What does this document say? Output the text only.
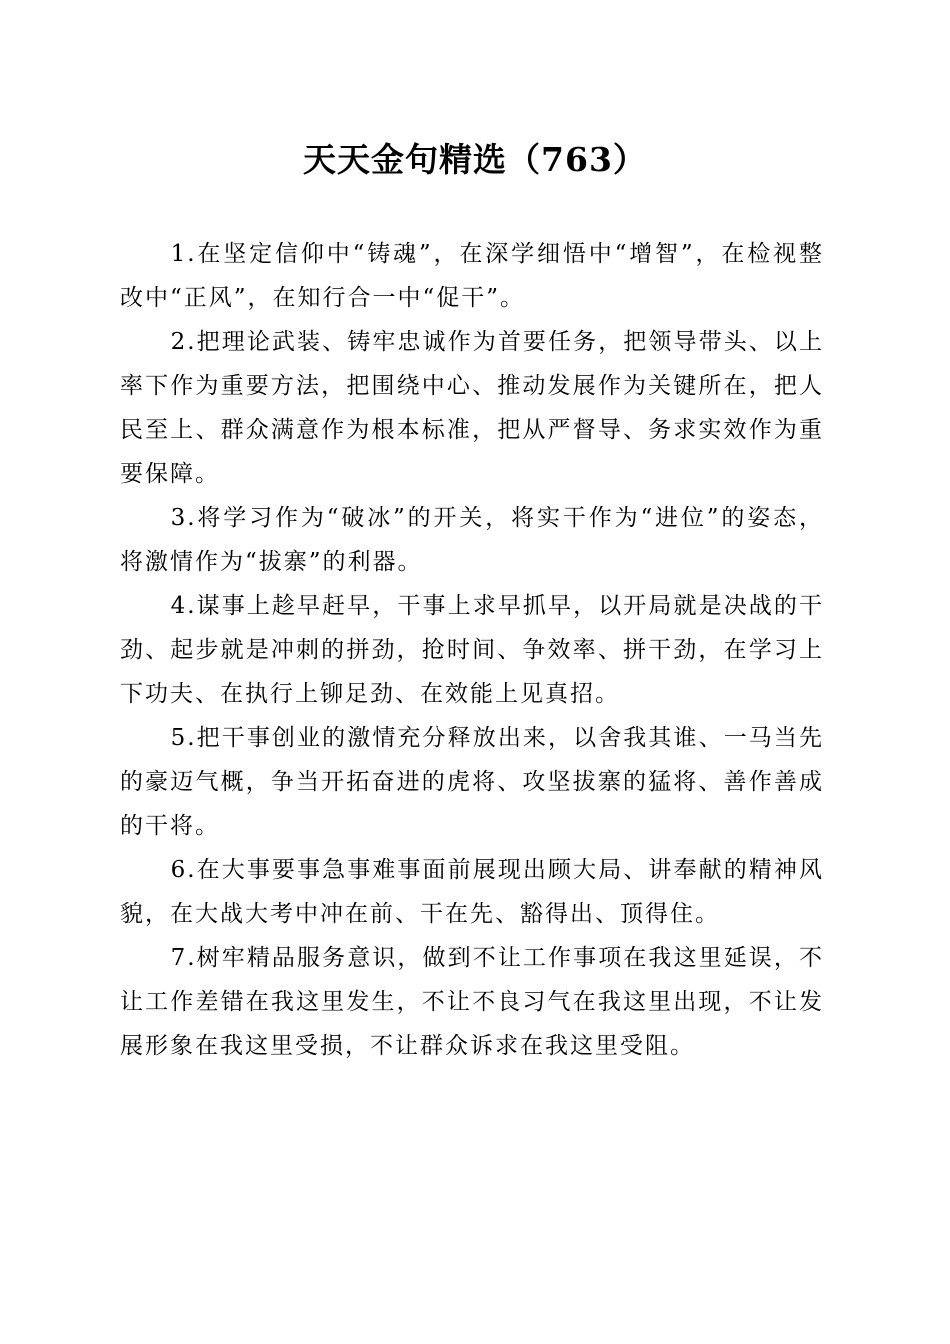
天天金句精选（763）

1.在坚定信仰中“铸魂”，在深学细悟中“增智”，在检视整改中“正风”，在知行合一中“促干”。

2.把理论武装、铸牢忠诚作为首要任务，把领导带头、以上率下作为重要方法，把围绕中心、推动发展作为关键所在，把人民至上、群众满意作为根本标准，把从严督导、务求实效作为重要保障。

3.将学习作为“破冰”的开关，将实干作为“进位”的姿态，将激情作为“拔寨”的利器。

4.谋事上趁早赶早，干事上求早抓早，以开局就是决战的干劲、起步就是冲刺的拼劲，抢时间、争效率、拼干劲，在学习上下功夫、在执行上铆足劲、在效能上见真招。

5.把干事创业的激情充分释放出来，以舍我其谁、一马当先的豪迈气概，争当开拓奋进的虎将、攻坚拔寨的猛将、善作善成的干将。

6.在大事要事急事难事面前展现出顾大局、讲奉献的精神风貌，在大战大考中冲在前、干在先、豁得出、顶得住。

7.树牢精品服务意识，做到不让工作事项在我这里延误，不让工作差错在我这里发生，不让不良习气在我这里出现，不让发展形象在我这里受损，不让群众诉求在我这里受阻。
